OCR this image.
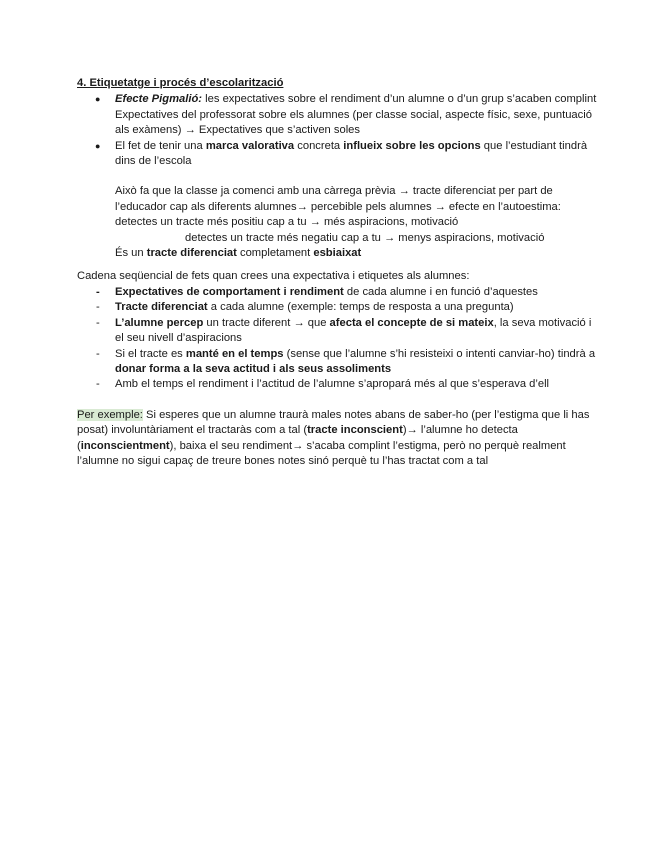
4. Etiquetatge i procés d’escolarització
● Efecte Pigmalió: les expectatives sobre el rendiment d’un alumne o d’un grup s’acaben complint
Expectatives del professorat sobre els alumnes (per classe social, aspecte físic, sexe, puntuació als exàmens) → Expectatives que s’activen soles
● El fet de tenir una marca valorativa concreta influeix sobre les opcions que l’estudiant tindrà dins de l’escola
Això fa que la classe ja comenci amb una càrrega prèvia → tracte diferenciat per part de l’educador cap als diferents alumnes→ percebible pels alumnes → efecte en l’autoestima: detectes un tracte més positiu cap a tu → més aspiracions, motivació
detectes un tracte més negatiu cap a tu → menys aspiracions, motivació
És un tracte diferenciat completament esbiaixat
Cadena seqüencial de fets quan crees una expectativa i etiquetes als alumnes:
- Expectatives de comportament i rendiment de cada alumne i en funció d’aquestes
- Tracte diferenciat a cada alumne (exemple: temps de resposta a una pregunta)
- L’alumne percep un tracte diferent → que afecta el concepte de si mateix, la seva motivació i el seu nivell d’aspiracions
- Si el tracte es manté en el temps (sense que l’alumne s’hi resisteixi o intenti canviar-ho) tindrà a donar forma a la seva actitud i als seus assoliments
- Amb el temps el rendiment i l’actitud de l’alumne s’apropará més al que s’esperava d’ell
Per exemple: Si esperes que un alumne traurà males notes abans de saber-ho (per l’estigma que li has posat) involuntàriament el tractaràs com a tal (tracte inconscient)→ l’alumne ho detecta (inconscientment), baixa el seu rendiment→ s’acaba complint l’estigma, però no perquè realment l’alumne no sigui capaç de treure bones notes sinó perquè tu l’has tractat com a tal
